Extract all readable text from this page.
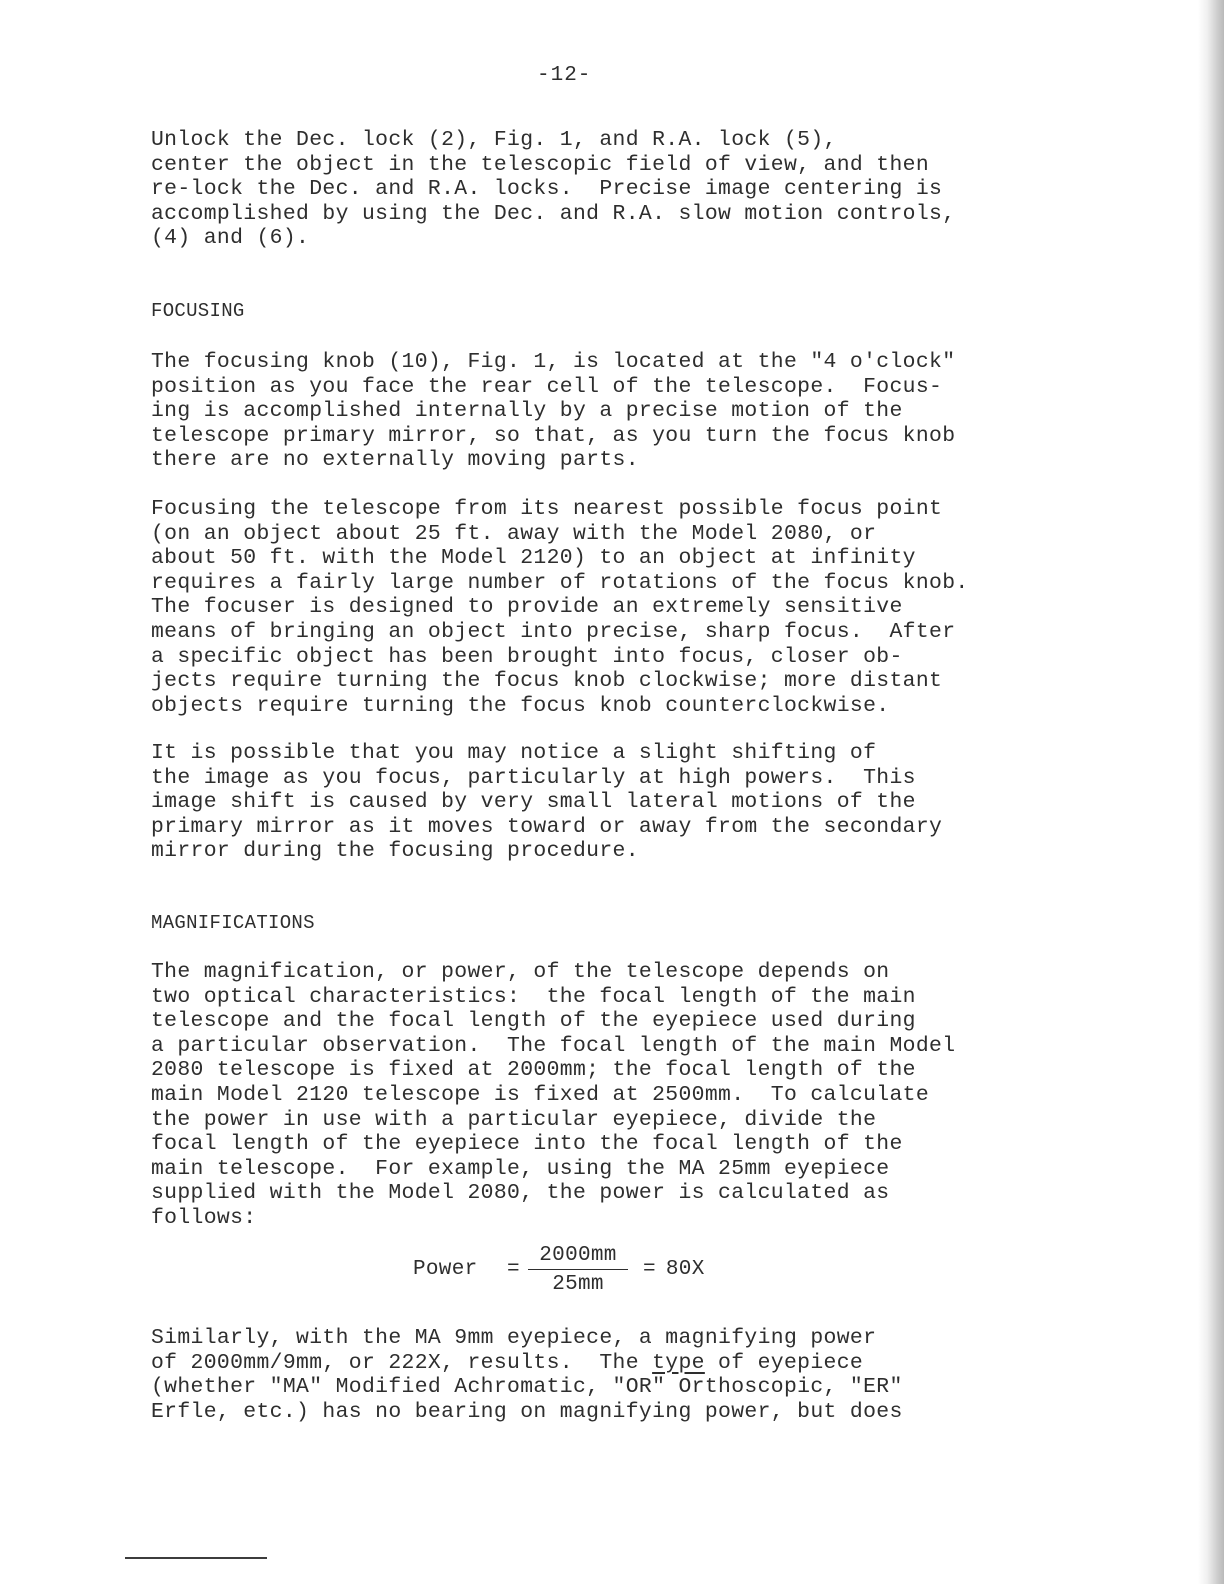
-12-
Unlock the Dec. lock (2), Fig. 1, and R.A. lock (5),
center the object in the telescopic field of view, and then
re-lock the Dec. and R.A. locks.  Precise image centering is
accomplished by using the Dec. and R.A. slow motion controls,
(4) and (6).
FOCUSING
The focusing knob (10), Fig. 1, is located at the "4 o'clock"
position as you face the rear cell of the telescope.  Focus-
ing is accomplished internally by a precise motion of the
telescope primary mirror, so that, as you turn the focus knob
there are no externally moving parts.
Focusing the telescope from its nearest possible focus point
(on an object about 25 ft. away with the Model 2080, or
about 50 ft. with the Model 2120) to an object at infinity
requires a fairly large number of rotations of the focus knob.
The focuser is designed to provide an extremely sensitive
means of bringing an object into precise, sharp focus.  After
a specific object has been brought into focus, closer ob-
jects require turning the focus knob clockwise; more distant
objects require turning the focus knob counterclockwise.
It is possible that you may notice a slight shifting of
the image as you focus, particularly at high powers.  This
image shift is caused by very small lateral motions of the
primary mirror as it moves toward or away from the secondary
mirror during the focusing procedure.
MAGNIFICATIONS
The magnification, or power, of the telescope depends on
two optical characteristics:  the focal length of the main
telescope and the focal length of the eyepiece used during
a particular observation.  The focal length of the main Model
2080 telescope is fixed at 2000mm; the focal length of the
main Model 2120 telescope is fixed at 2500mm.  To calculate
the power in use with a particular eyepiece, divide the
focal length of the eyepiece into the focal length of the
main telescope.  For example, using the MA 25mm eyepiece
supplied with the Model 2080, the power is calculated as
follows:
Power = $\frac{2000mm}{25mm} = 80X$
Similarly, with the MA 9mm eyepiece, a magnifying power
of 2000mm/9mm, or 222X, results.  The type of eyepiece
(whether "MA" Modified Achromatic, "OR" Orthoscopic, "ER"
Erfle, etc.) has no bearing on magnifying power, but does
